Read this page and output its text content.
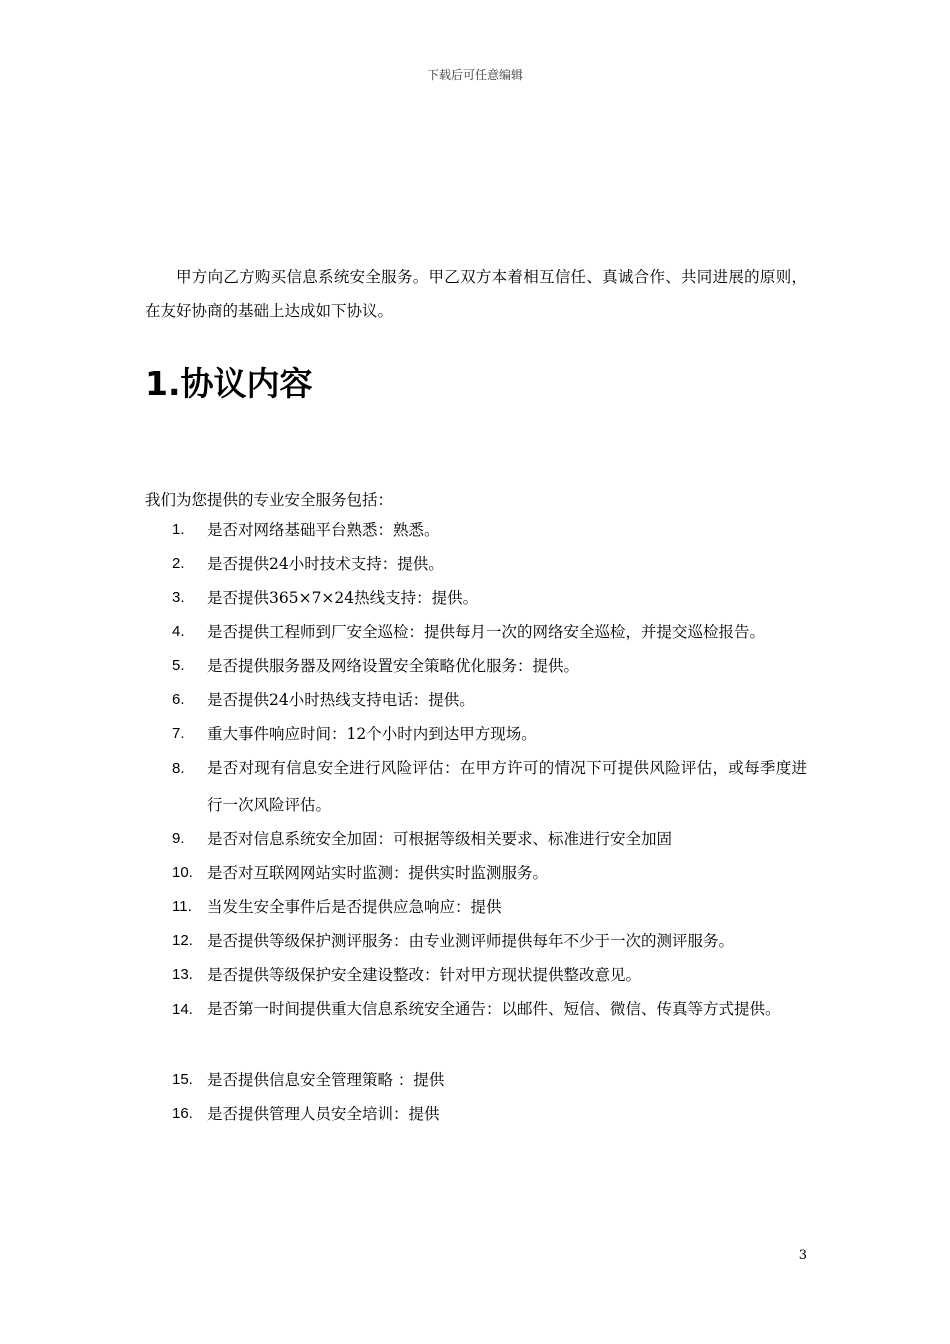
下载后可任意编辑

甲方向乙方购买信息系统安全服务。甲乙双方本着相互信任、真诚合作、共同进展的原则，在友好协商的基础上达成如下协议。

1.协议内容
我们为您提供的专业安全服务包括：
1.	是否对网络基础平台熟悉：熟悉。
2.	是否提供24小时技术支持：提供。
3.	是否提供365×7×24热线支持：提供。
4.	是否提供工程师到厂安全巡检：提供每月一次的网络安全巡检，并提交巡检报告。
5.	是否提供服务器及网络设置安全策略优化服务：提供。
6.	是否提供24小时热线支持电话：提供。
7.	重大事件响应时间：12个小时内到达甲方现场。
8.	是否对现有信息安全进行风险评估：在甲方许可的情况下可提供风险评估，或每季度进行一次风险评估。
9.	是否对信息系统安全加固：可根据等级相关要求、标准进行安全加固
10. 是否对互联网网站实时监测：提供实时监测服务。
11. 当发生安全事件后是否提供应急响应：提供
12. 是否提供等级保护测评服务：由专业测评师提供每年不少于一次的测评服务。
13. 是否提供等级保护安全建设整改：针对甲方现状提供整改意见。
14. 是否第一时间提供重大信息系统安全通告：以邮件、短信、微信、传真等方式提供。
15. 是否提供信息安全管理策略 ：提供
16. 是否提供管理人员安全培训：提供
3
